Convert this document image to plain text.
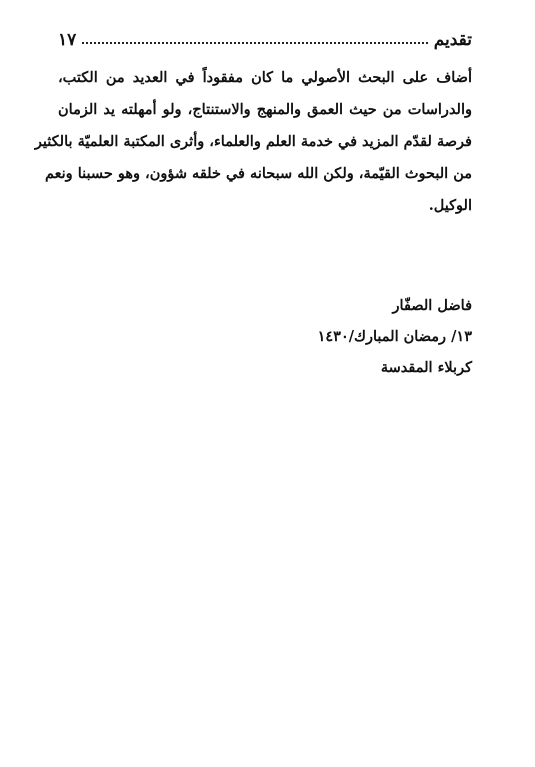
تقديم
١٧
أضاف على البحث الأصولي ما كان مفقوداً في العديد من الكتب،
والدراسات من حيث العمق والمنهج والاستنتاج، ولو أمهلته يد الزمان
فرصة لقدّم المزيد في خدمة العلم والعلماء، وأثرى المكتبة العلميّة بالكثير
من البحوث القيّمة، ولكن الله سبحانه في خلقه شؤون، وهو حسبنا ونعم
الوكيل.
فاضل الصفّار
١٣/ رمضان المبارك/١٤٣٠
كربلاء المقدسة
